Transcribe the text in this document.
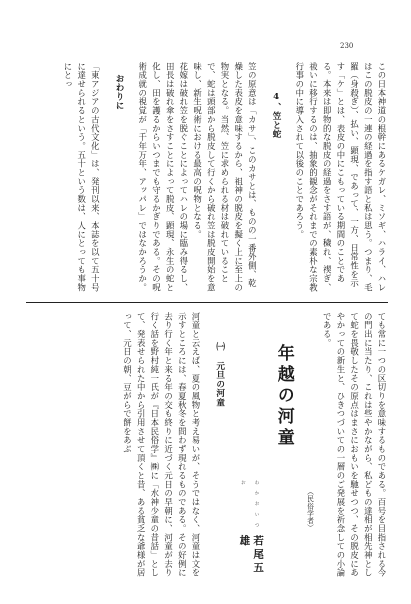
230

この日本神道の根幹にあるケガレ、ミソギ、ハライ、ハレはこの脱皮の一連の経過を指す語と私は思う。つまり、毛羅（身殺ぎ）、払い、顕現、であって、一方、日常性を示す「ケ」とは、表皮の中にこもっている期間のことである。本来は即物的な脱皮の経過をさす語が、穢れ、禊ぎ、祓いに移行するのは、抽象的観念がそれまでの素朴な宗教行事の中に導入されて以後のことであろう。

4、笠と蛇

笠の原意は「カサ」、このカサとは、ものの一番外側、乾燥した表皮を意味するから、祖神の脱皮を擬く上に至上の物実となる。当然、笠に求められる材は破れていることで、蛇は頭部から脱皮して行くから破れ笠は脱皮開始を意味し、新生呪術における最高の呪物となる。

花嫁は破れ笠を脱ぐことによってハレの場に臨み得るし、田長は破れ傘をさすことによって脱皮、顕現、永生の蛇と化し、田を護るからいつまでも守るかぎりである。その呪術成就の視覚が「千年万年、アッパレ」ではなかろうか。

おわりに

「東アジアの古代文化」は、発刊以来、本誌を以て五十号に達せられるという。五十という数は、人にとっても事物にとっ

ても常に一つの区切りを意味するものである。百号を目指される今の門出に当たり、これは些やかながら、私どもの達相が相先神として蛇を畏敬したその原点はまさにおもいを馳せつつ、その脱皮にあやかっての新生と、ひきつづいての一層のご発展を祈念しての小論である。

（民俗学者）

年越の河童

わかおいつお
若尾五雄

㈠ 元旦の河童

河童と云えば、夏の風物と考え易いが、そうではなく、河童は文を示すところには、春夏秋冬を問わず現れるものである。その好例に去り行く年と来る年の交も終りに近づく元日の早朝に、河童が去り行く話を野村純一氏が『日本民俗学』㈱に「水神少童の昔話」として、発表せられた中から引用させて頂くと昔、ある貧乏な爺様が居って、元日の朝、豆がらで餅をあぶ
